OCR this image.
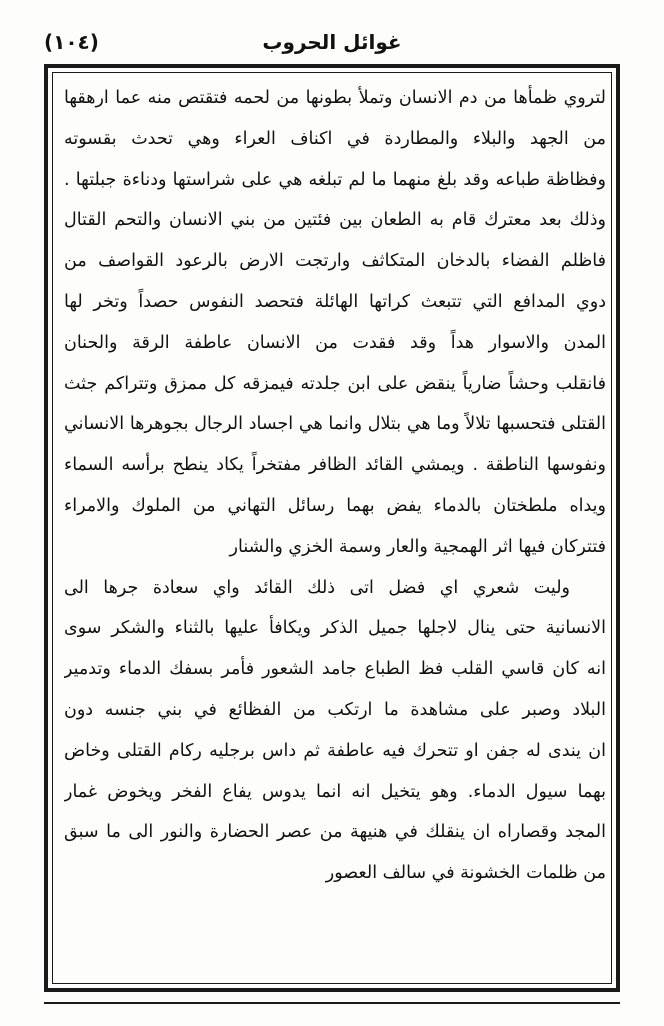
(١٠٤)	غوائل الحروب
لتروي ظمأها من دم الانسان وتملأ بطونها من لحمه فتقتص منه عما ارهقها
من الجهد والبلاء والمطاردة في اكناف العراء وهي تحدث بقسوته
وفظاظة طباعه وقد بلغ منهما ما لم تبلغه هي على شراستها ودناءة جبلتها .
وذلك بعد معترك قام به الطعان بين فئتين من بني الانسان والتحم القتال
فاظلم الفضاء بالدخان المتكاثف وارتجت الارض بالرعود القواصف من
دوي المدافع التي تتبعث كراتها الهائلة فتحصد النفوس حصداً وتخر لها
المدن والاسوار هداً وقد فقدت من الانسان عاطفة الرقة والحنان
فانقلب وحشاً ضارياً ينقض على ابن جلدته فيمزقه كل ممزق وتتراكم جثث
القتلى فتحسبها تلالاً وما هي بتلال وانما هي اجساد الرجال بجوهرها الانساني
ونفوسها الناطقة . ويمشي القائد الظافر مفتخراً يكاد ينطح برأسه السماء
ويداه ملطختان بالدماء يفض بهما رسائل التهاني من الملوك والامراء
فتتركان فيها اثر الهمجية والعار وسمة الخزي والشنار
وليت شعري اي فضل اتى ذلك القائد واي سعادة جرها الى
الانسانية حتى ينال لاجلها جميل الذكر ويكافأ عليها بالثناء والشكر سوى
انه كان قاسي القلب فظ الطباع جامد الشعور فأمر بسفك الدماء وتدمير
البلاد وصبر على مشاهدة ما ارتكب من الفظائع في بني جنسه دون
ان يندى له جفن او تتحرك فيه عاطفة ثم داس برجليه ركام القتلى وخاض
بهما سيول الدماء. وهو يتخيل انه انما يدوس يفاع الفخر ويخوض غمار
المجد وقصاراه ان ينقلك في هنيهة من عصر الحضارة والنور الى ما سبق
من ظلمات الخشونة في سالف العصور
